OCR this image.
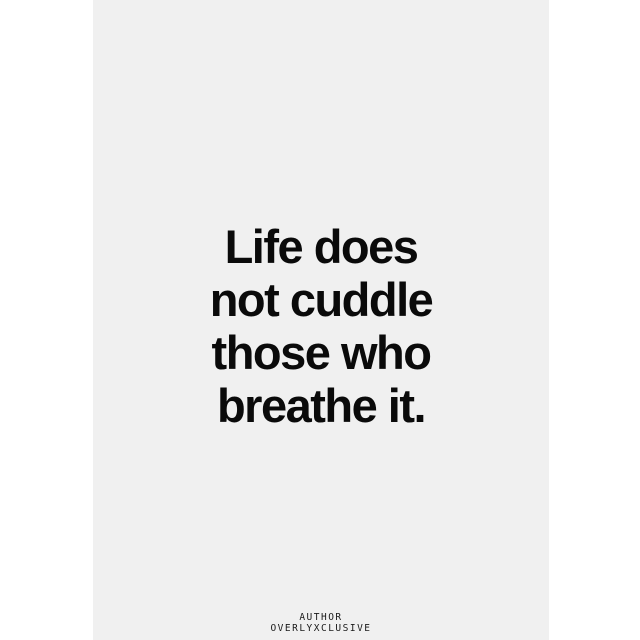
Life does
not cuddle
those who
breathe it.
AUTHOR
OVERLYXCLUSIVE
